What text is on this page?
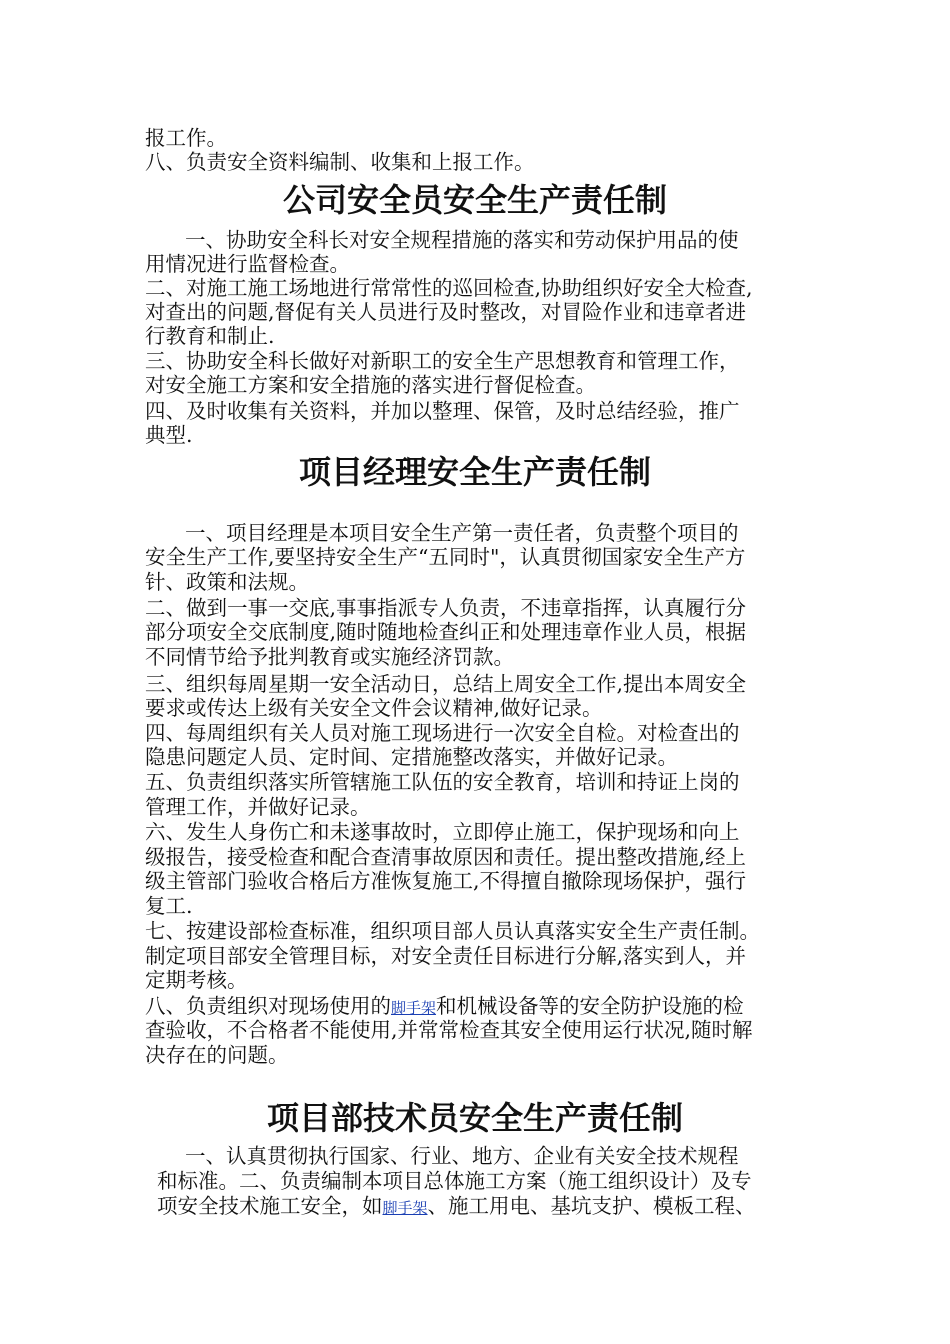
报工作。
八、负责安全资料编制、收集和上报工作。
公司安全员安全生产责任制
一、协助安全科长对安全规程措施的落实和劳动保护用品的使
用情况进行监督检查。
二、对施工施工场地进行常常性的巡回检查,协助组织好安全大检查,
对查出的问题,督促有关人员进行及时整改，对冒险作业和违章者进
行教育和制止.
三、协助安全科长做好对新职工的安全生产思想教育和管理工作，
对安全施工方案和安全措施的落实进行督促检查。
四、及时收集有关资料，并加以整理、保管，及时总结经验，推广
典型.
项目经理安全生产责任制
一、项目经理是本项目安全生产第一责任者，负责整个项目的
安全生产工作,要坚持安全生产“五同时"，认真贯彻国家安全生产方
针、政策和法规。
二、做到一事一交底,事事指派专人负责，不违章指挥，认真履行分
部分项安全交底制度,随时随地检查纠正和处理违章作业人员，根据
不同情节给予批判教育或实施经济罚款。
三、组织每周星期一安全活动日，总结上周安全工作,提出本周安全
要求或传达上级有关安全文件会议精神,做好记录。
四、每周组织有关人员对施工现场进行一次安全自检。对检查出的
隐患问题定人员、定时间、定措施整改落实，并做好记录。
五、负责组织落实所管辖施工队伍的安全教育，培训和持证上岗的
管理工作，并做好记录。
六、发生人身伤亡和未遂事故时，立即停止施工，保护现场和向上
级报告，接受检查和配合查清事故原因和责任。提出整改措施,经上
级主管部门验收合格后方准恢复施工,不得擅自撤除现场保护，强行
复工.
七、按建设部检查标准，组织项目部人员认真落实安全生产责任制。
制定项目部安全管理目标，对安全责任目标进行分解,落实到人，并
定期考核。
八、负责组织对现场使用的脚手架和机械设备等的安全防护设施的检
查验收，不合格者不能使用,并常常检查其安全使用运行状况,随时解
决存在的问题。
项目部技术员安全生产责任制
一、认真贯彻执行国家、行业、地方、企业有关安全技术规程
和标准。二、负责编制本项目总体施工方案（施工组织设计）及专
项安全技术施工安全，如脚手架、施工用电、基坑支护、模板工程、
